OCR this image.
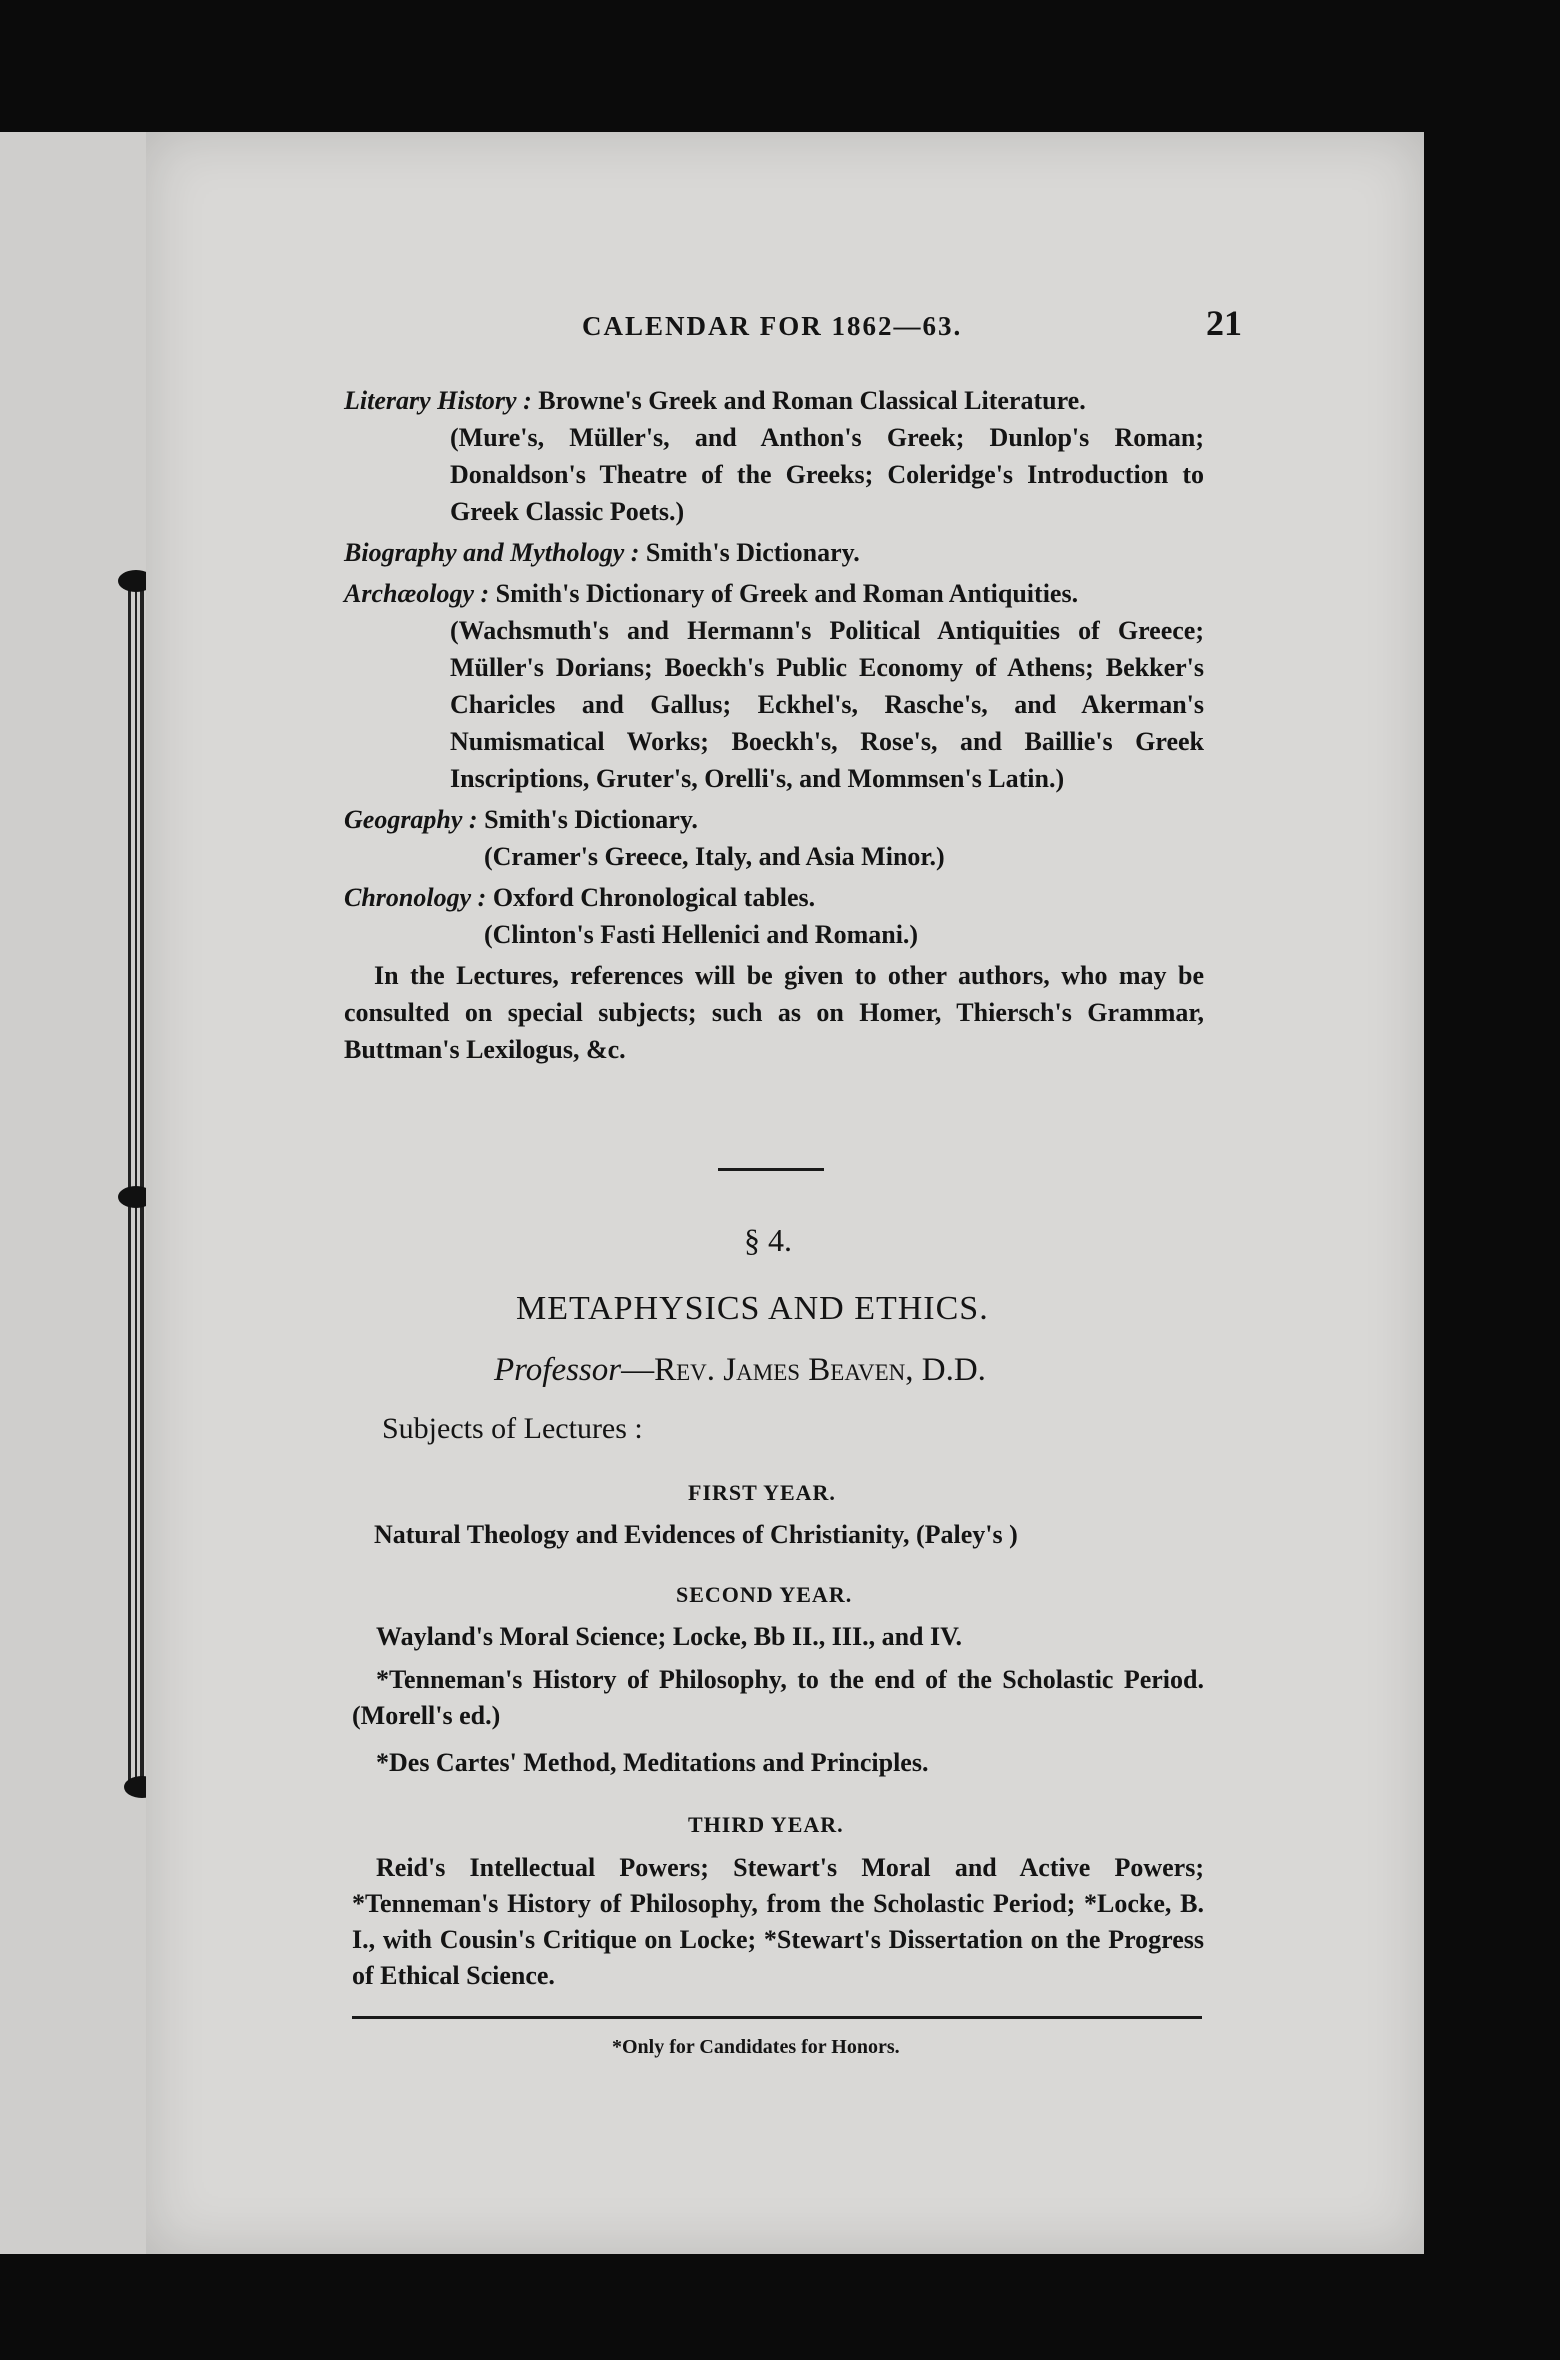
CALENDAR FOR 1862—63.	21

Literary History : Browne's Greek and Roman Classical Literature.
(Mure's, Müller's, and Anthon's Greek; Dunlop's Roman; Donaldson's Theatre of the Greeks; Coleridge's Introduction to Greek Classic Poets.)

Biography and Mythology : Smith's Dictionary.

Archæology : Smith's Dictionary of Greek and Roman Antiquities.
(Wachsmuth's and Hermann's Political Antiquities of Greece; Müller's Dorians; Boeckh's Public Economy of Athens; Bekker's Charicles and Gallus; Eckhel's, Rasche's, and Akerman's Numismatical Works; Boeckh's, Rose's, and Baillie's Greek Inscriptions, Gruter's, Orelli's, and Mommsen's Latin.)

Geography : Smith's Dictionary.
(Cramer's Greece, Italy, and Asia Minor.)

Chronology : Oxford Chronological tables.
(Clinton's Fasti Hellenici and Romani.)

In the Lectures, references will be given to other authors, who may be consulted on special subjects; such as on Homer, Thiersch's Grammar, Buttman's Lexilogus, &c.

§ 4.
METAPHYSICS AND ETHICS.
Professor—Rev. James Beaven, D.D.
Subjects of Lectures :
FIRST YEAR.
Natural Theology and Evidences of Christianity, (Paley's )
SECOND YEAR.
Wayland's Moral Science; Locke, Bb II., III., and IV.

*Tenneman's History of Philosophy, to the end of the Scholastic Period. (Morell's ed.)

*Des Cartes' Method, Meditations and Principles.
THIRD YEAR.

Reid's Intellectual Powers; Stewart's Moral and Active Powers; *Tenneman's History of Philosophy, from the Scholastic Period; *Locke, B. I., with Cousin's Critique on Locke; *Stewart's Dissertation on the Progress of Ethical Science.

*Only for Candidates for Honors.
